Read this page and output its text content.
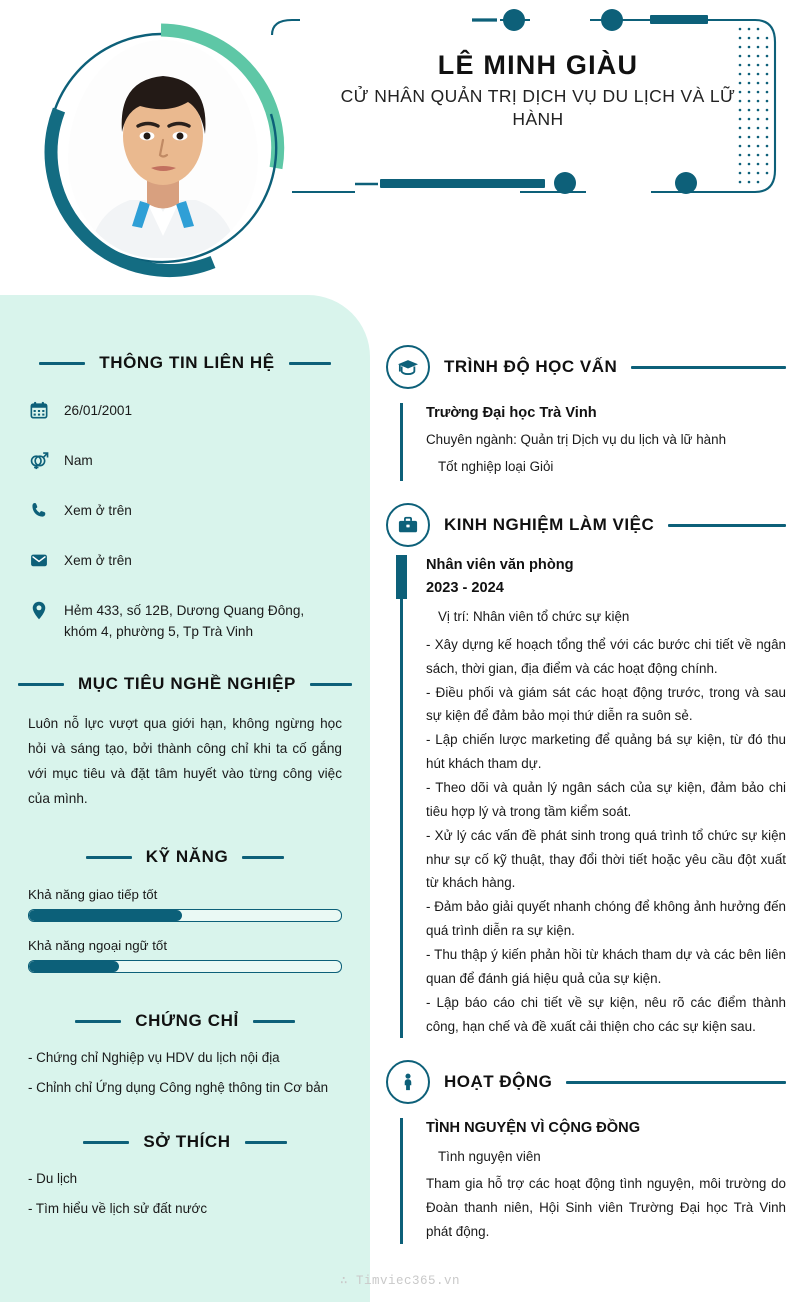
LÊ MINH GIÀU
CỬ NHÂN QUẢN TRỊ DỊCH VỤ DU LỊCH VÀ LỮ HÀNH
THÔNG TIN LIÊN HỆ
26/01/2001
Nam
Xem ở trên
Xem ở trên
Hẻm 433, số 12B, Dương Quang Đông, khóm 4, phường 5, Tp Trà Vinh
MỤC TIÊU NGHỀ NGHIỆP

Luôn nỗ lực vượt qua giới hạn, không ngừng học hỏi và sáng tạo, bởi thành công chỉ khi ta cố gắng với mục tiêu và đặt tâm huyết vào từng công việc của mình.

KỸ NĂNG
Khả năng giao tiếp tốt
Khả năng ngoại ngữ tốt
CHỨNG CHỈ
- Chứng chỉ Nghiệp vụ HDV du lịch nội địa
- Chỉnh chỉ Ứng dụng Công nghệ thông tin Cơ bản
SỞ THÍCH
- Du lịch
- Tìm hiểu về lịch sử đất nước
TRÌNH ĐỘ HỌC VẤN

Trường Đại học Trà Vinh

Chuyên ngành: Quản trị Dịch vụ du lịch và lữ hành

Tốt nghiệp loại Giỏi

KINH NGHIỆM LÀM VIỆC

Nhân viên văn phòng

2023 - 2024

Vị trí: Nhân viên tổ chức sự kiện

- Xây dựng kế hoạch tổng thể với các bước chi tiết về ngân sách, thời gian, địa điểm và các hoạt động chính.

- Điều phối và giám sát các hoạt động trước, trong và sau sự kiện để đảm bảo mọi thứ diễn ra suôn sẻ.

- Lập chiến lược marketing để quảng bá sự kiện, từ đó thu hút khách tham dự.

- Theo dõi và quản lý ngân sách của sự kiện, đảm bảo chi tiêu hợp lý và trong tầm kiểm soát.

- Xử lý các vấn đề phát sinh trong quá trình tổ chức sự kiện như sự cố kỹ thuật, thay đổi thời tiết hoặc yêu cầu đột xuất từ khách hàng.

- Đảm bảo giải quyết nhanh chóng để không ảnh hưởng đến quá trình diễn ra sự kiện.

- Thu thập ý kiến phản hồi từ khách tham dự và các bên liên quan để đánh giá hiệu quả của sự kiện.

- Lập báo cáo chi tiết về sự kiện, nêu rõ các điểm thành công, hạn chế và đề xuất cải thiện cho các sự kiện sau.

HOẠT ĐỘNG

TÌNH NGUYỆN VÌ CỘNG ĐỒNG

Tình nguyện viên

Tham gia hỗ trợ các hoạt động tình nguyện, môi trường do Đoàn thanh niên, Hội Sinh viên Trường Đại học Trà Vinh phát động.

∴ Timviec365.vn
